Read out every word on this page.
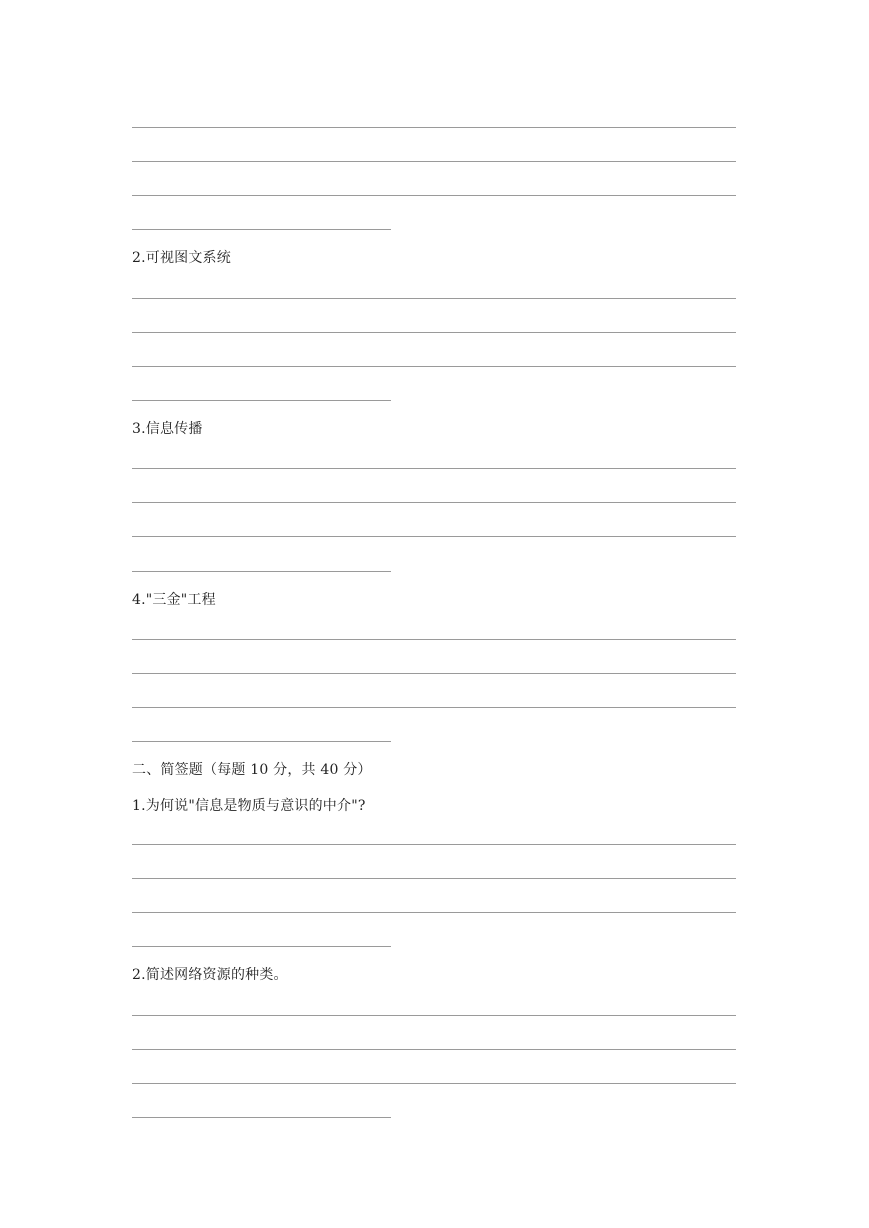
2.可视图文系统
3.信息传播
4."三金"工程
二、简签题（每题 10 分，共 40 分）
1.为何说"信息是物质与意识的中介"?
2.简述网络资源的种类。
